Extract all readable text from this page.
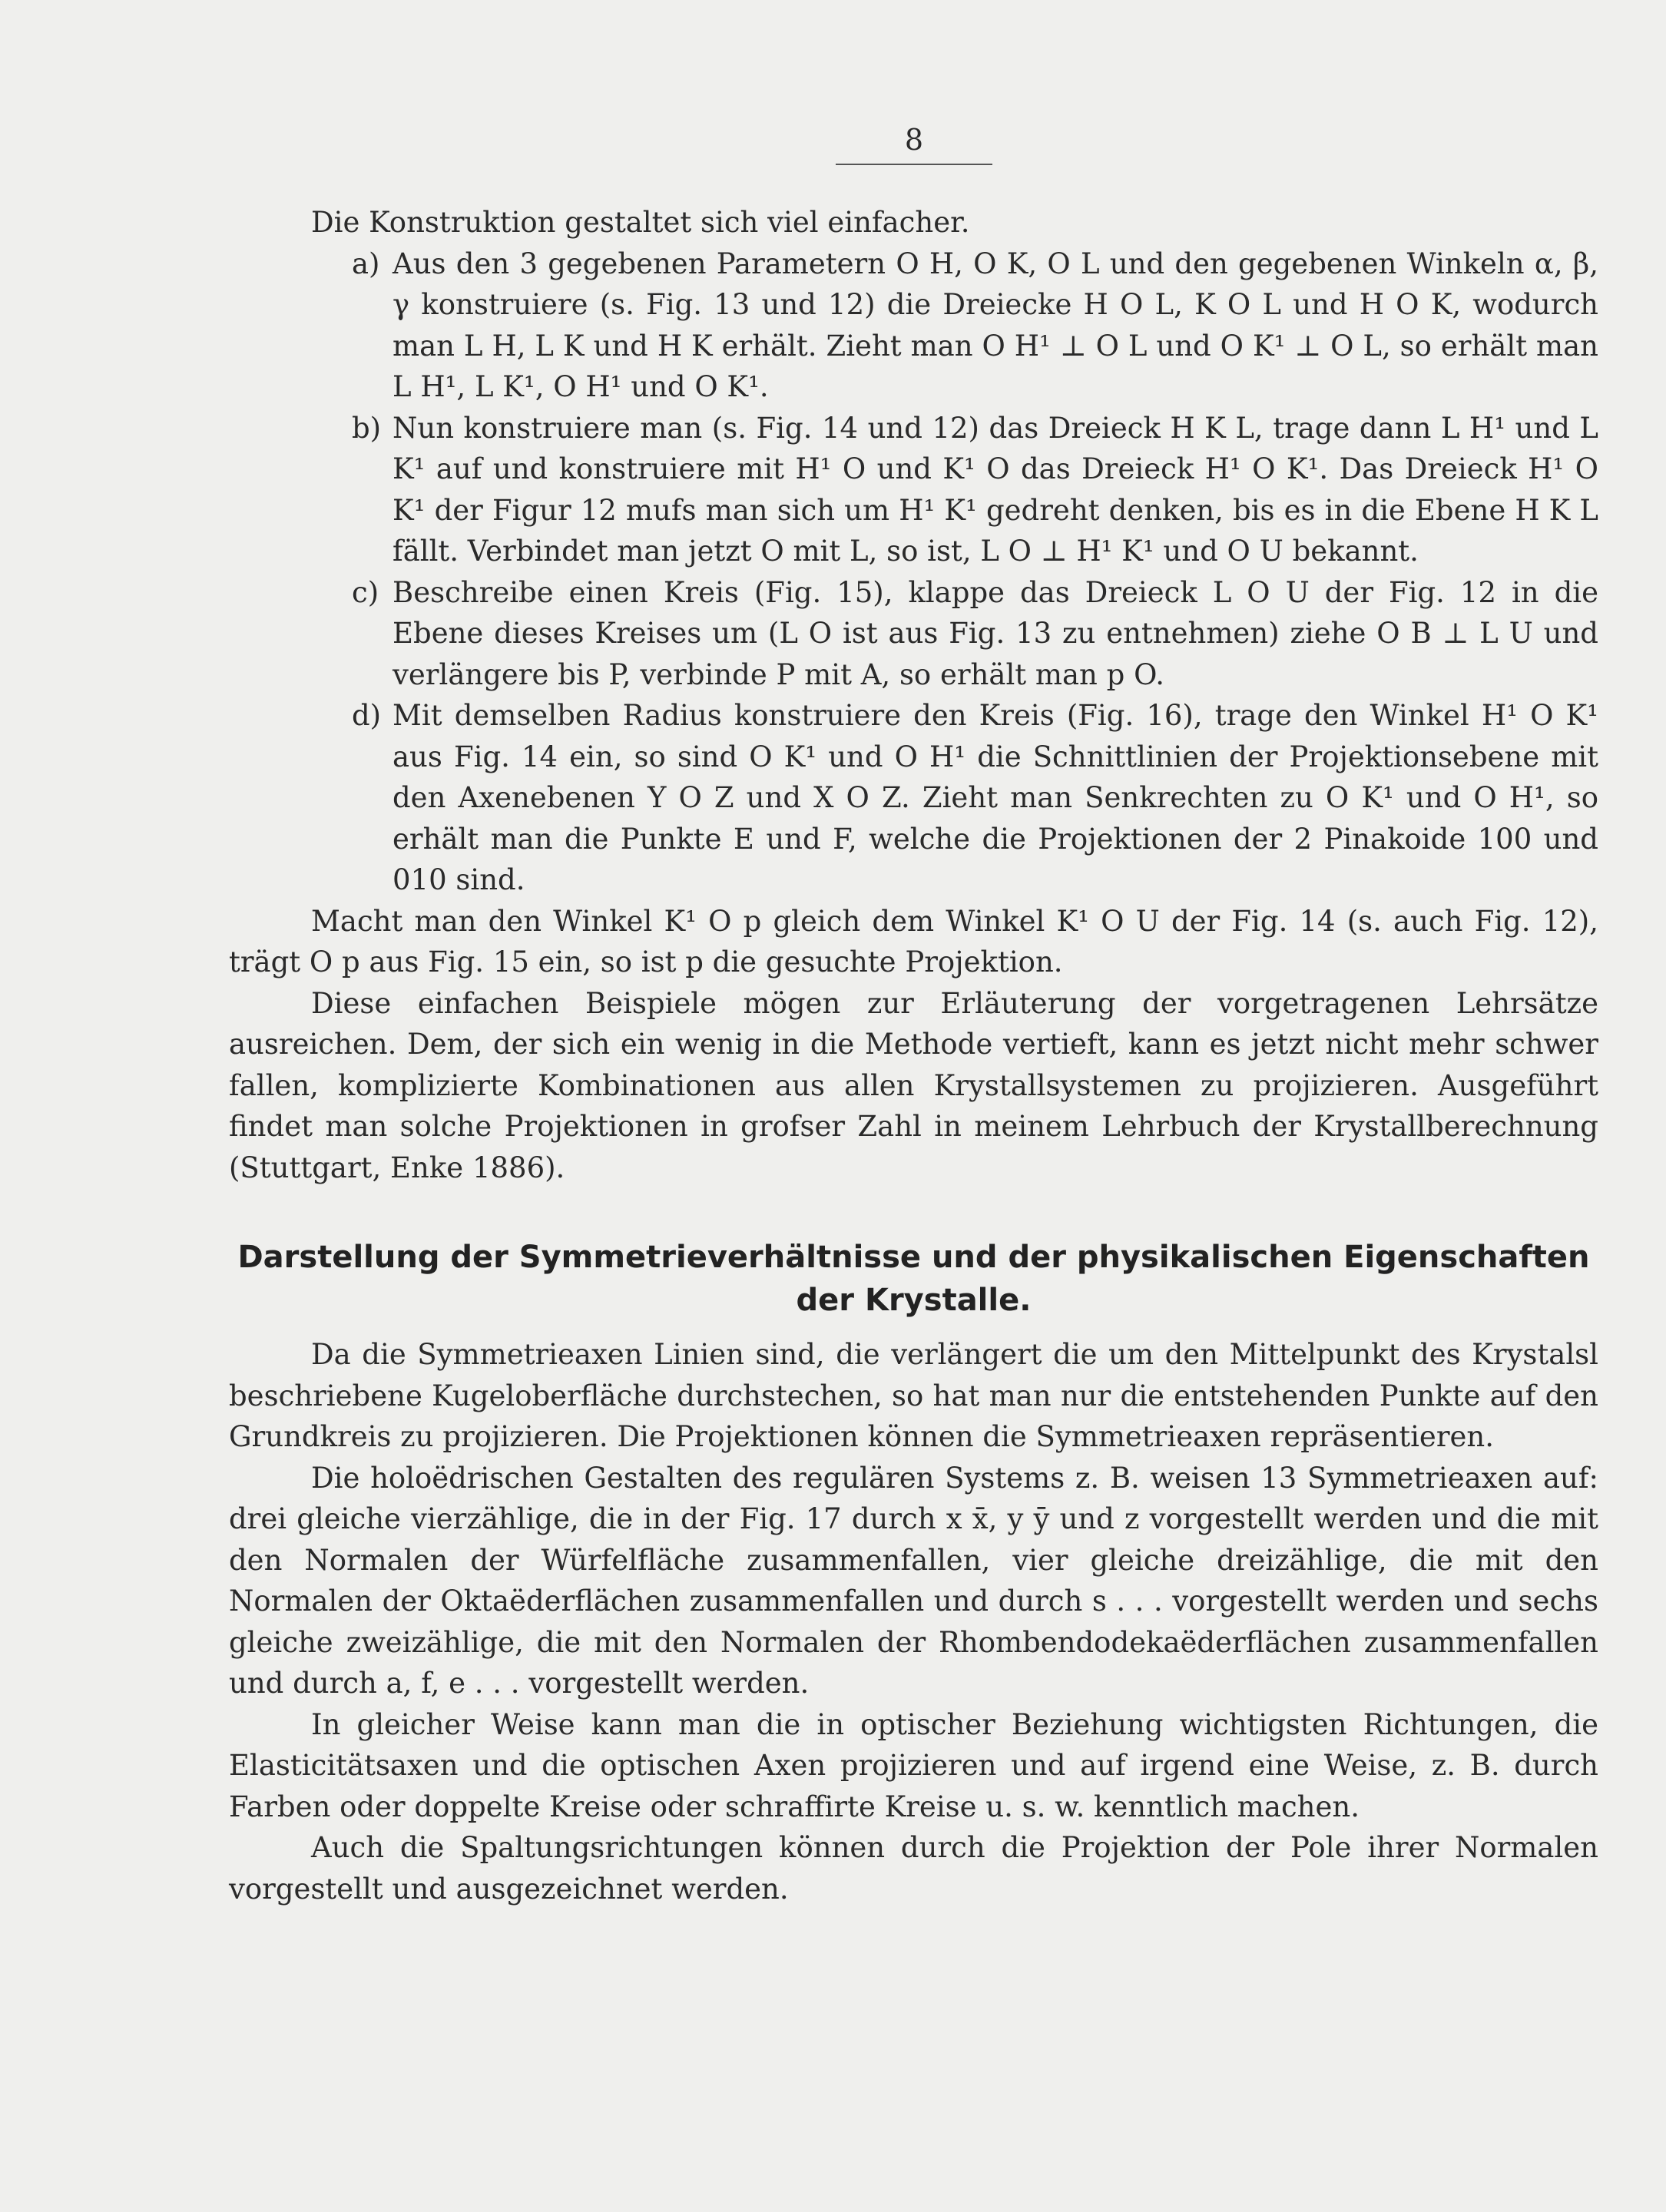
8

Die Konstruktion gestaltet sich viel einfacher.

a) Aus den 3 gegebenen Parametern O H, O K, O L und den gegebenen Winkeln α, β, γ konstruiere (s. Fig. 13 und 12) die Dreiecke H O L, K O L und H O K, wodurch man L H, L K und H K erhält. Zieht man O H¹ ⊥ O L und O K¹ ⊥ O L, so erhält man L H¹, L K¹, O H¹ und O K¹.
b) Nun konstruiere man (s. Fig. 14 und 12) das Dreieck H K L, trage dann L H¹ und L K¹ auf und konstruiere mit H¹ O und K¹ O das Dreieck H¹ O K¹. Das Dreieck H¹ O K¹ der Figur 12 mufs man sich um H¹ K¹ gedreht denken, bis es in die Ebene H K L fällt. Verbindet man jetzt O mit L, so ist, L O ⊥ H¹ K¹ und O U bekannt.
c) Beschreibe einen Kreis (Fig. 15), klappe das Dreieck L O U der Fig. 12 in die Ebene dieses Kreises um (L O ist aus Fig. 13 zu entnehmen) ziehe O B ⊥ L U und verlängere bis P, verbinde P mit A, so erhält man p O.
d) Mit demselben Radius konstruiere den Kreis (Fig. 16), trage den Winkel H¹ O K¹ aus Fig. 14 ein, so sind O K¹ und O H¹ die Schnittlinien der Projektionsebene mit den Axenebenen Y O Z und X O Z. Zieht man Senkrechten zu O K¹ und O H¹, so erhält man die Punkte E und F, welche die Projektionen der 2 Pinakoide 100 und 010 sind.

Macht man den Winkel K¹ O p gleich dem Winkel K¹ O U der Fig. 14 (s. auch Fig. 12), trägt O p aus Fig. 15 ein, so ist p die gesuchte Projektion.

Diese einfachen Beispiele mögen zur Erläuterung der vorgetragenen Lehrsätze ausreichen. Dem, der sich ein wenig in die Methode vertieft, kann es jetzt nicht mehr schwer fallen, komplizierte Kombinationen aus allen Krystallsystemen zu projizieren. Ausgeführt findet man solche Projektionen in grofser Zahl in meinem Lehrbuch der Krystallberechnung (Stuttgart, Enke 1886).

Darstellung der Symmetrieverhältnisse und der physikalischen Eigenschaften der Krystalle.

Da die Symmetrieaxen Linien sind, die verlängert die um den Mittelpunkt des Krystalsl beschriebene Kugeloberfläche durchstechen, so hat man nur die entstehenden Punkte auf den Grundkreis zu projizieren. Die Projektionen können die Symmetrieaxen repräsentieren.

Die holoëdrischen Gestalten des regulären Systems z. B. weisen 13 Symmetrieaxen auf: drei gleiche vierzählige, die in der Fig. 17 durch x x̄, y ȳ und z vorgestellt werden und die mit den Normalen der Würfelfläche zusammenfallen, vier gleiche dreizählige, die mit den Normalen der Oktaëderflächen zusammenfallen und durch s . . . vorgestellt werden und sechs gleiche zweizählige, die mit den Normalen der Rhombendodekaëderflächen zusammenfallen und durch a, f, e . . . vorgestellt werden.

In gleicher Weise kann man die in optischer Beziehung wichtigsten Richtungen, die Elasticitätsaxen und die optischen Axen projizieren und auf irgend eine Weise, z. B. durch Farben oder doppelte Kreise oder schraffirte Kreise u. s. w. kenntlich machen.

Auch die Spaltungsrichtungen können durch die Projektion der Pole ihrer Normalen vorgestellt und ausgezeichnet werden.
